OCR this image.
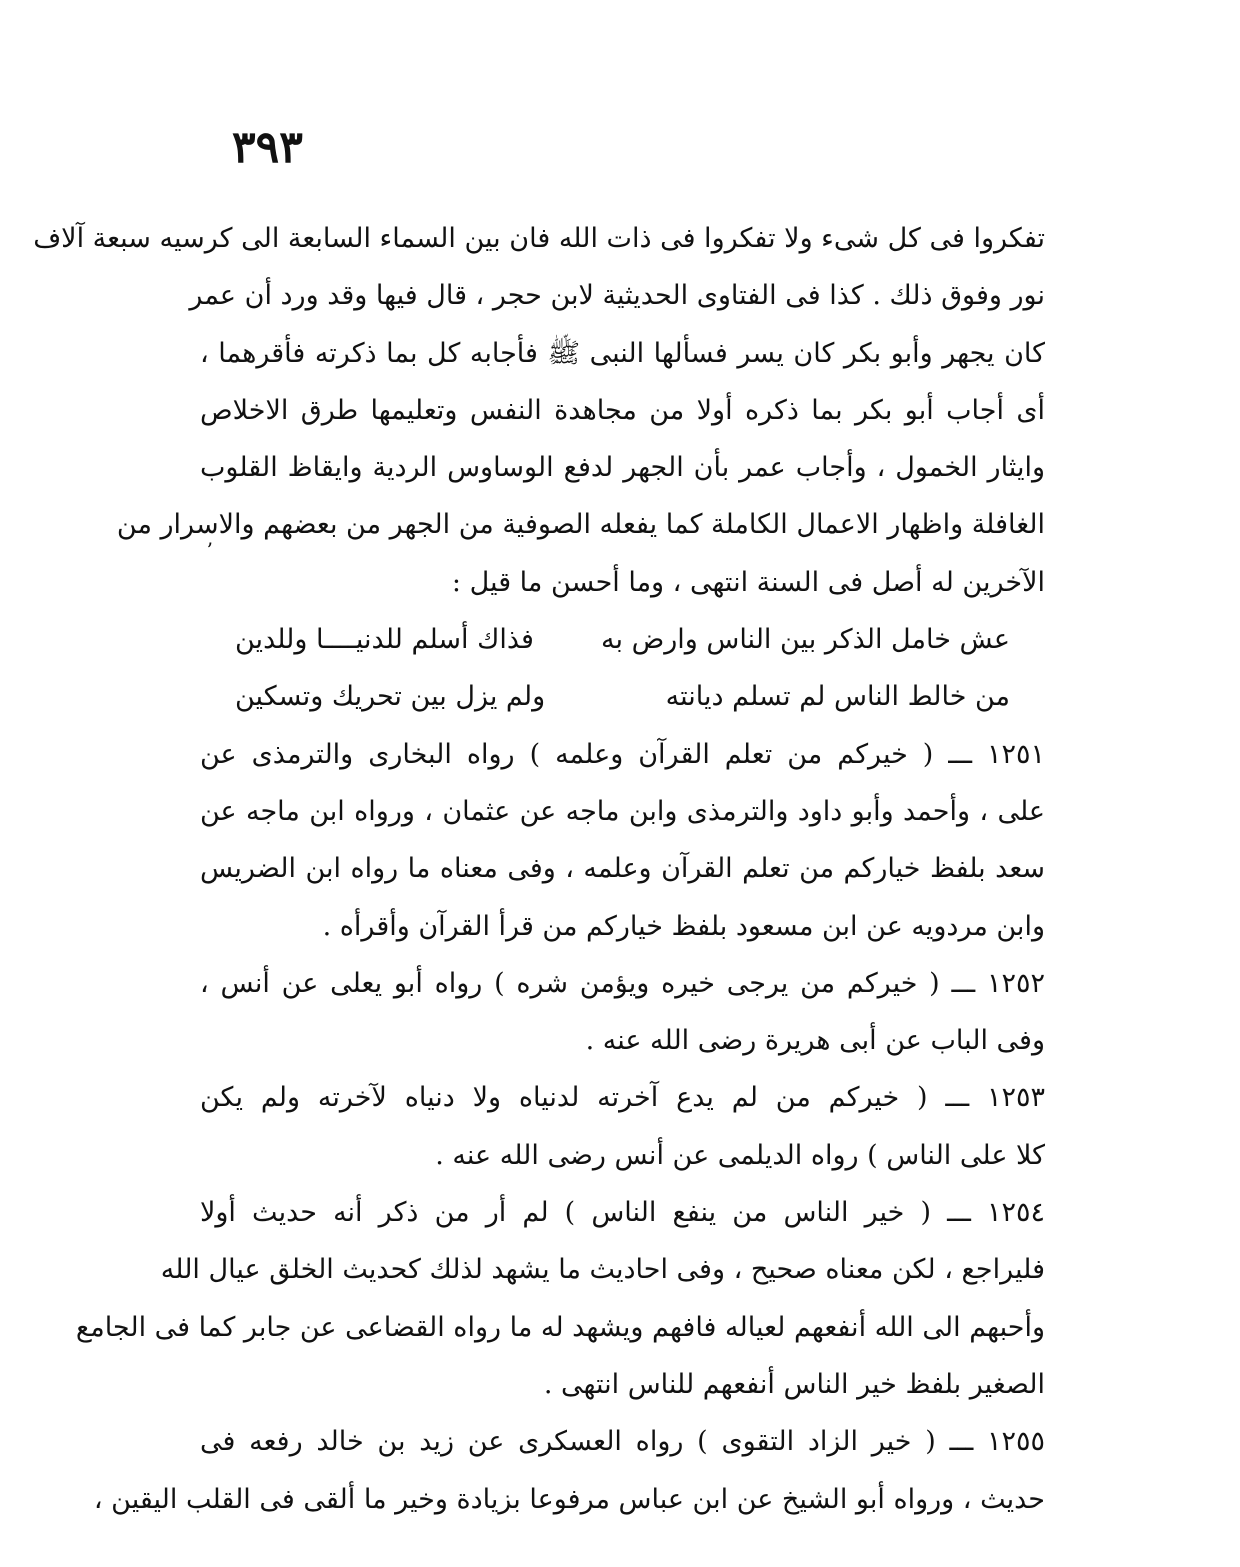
٣٩٣
تفكروا فى كل شىء ولا تفكروا فى ذات الله فان بين السماء السابعة الى كرسيه سبعة آلاف
نور وفوق ذلك . كذا فى الفتاوى الحديثية لابن حجر ، قال فيها وقد ورد أن عمر
كان يجهر وأبو بكر كان يسر فسألها النبى ﷺ فأجابه كل بما ذكرته فأقرهما ،
أى أجاب أبو بكر بما ذكره أولا من مجاهدة النفس وتعليمها طرق الاخلاص
وايثار الخمول ، وأجاب عمر بأن الجهر لدفع الوساوس الردية وايقاظ القلوب
الغافلة واظهار الاعمال الكاملة كما يفعله الصوفية من الجهر من بعضهم والاسرار من
الآخرين له أصل فى السنة انتهى ، وما أحسن ما قيل :
عش خامل الذكر بين الناس وارض به
فذاك أسلم للدنيــــا وللدين
من خالط الناس لم تسلم ديانته
ولم يزل بين تحريك وتسكين
١٢٥١ ـــ ( خيركم من تعلم القرآن وعلمه ) رواه البخارى والترمذى عن
على ، وأحمد وأبو داود والترمذى وابن ماجه عن عثمان ، ورواه ابن ماجه عن
سعد بلفظ خياركم من تعلم القرآن وعلمه ، وفى معناه ما رواه ابن الضريس
وابن مردويه عن ابن مسعود بلفظ خياركم من قرأ القرآن وأقرأه .
١٢٥٢ ـــ ( خيركم من يرجى خيره ويؤمن شره ) رواه أبو يعلى عن أنس ،
وفى الباب عن أبى هريرة رضى الله عنه .
١٢٥٣ ـــ ( خيركم من لم يدع آخرته لدنياه ولا دنياه لآخرته ولم يكن
كلا على الناس ) رواه الديلمى عن أنس رضى الله عنه .
١٢٥٤ ـــ ( خير الناس من ينفع الناس ) لم أر من ذكر أنه حديث أولا
فليراجع ، لكن معناه صحيح ، وفى احاديث ما يشهد لذلك كحديث الخلق عيال الله
وأحبهم الى الله أنفعهم لعياله فافهم ويشهد له ما رواه القضاعى عن جابر كما فى الجامع
الصغير بلفظ خير الناس أنفعهم للناس انتهى .
١٢٥٥ ـــ ( خير الزاد التقوى ) رواه العسكرى عن زيد بن خالد رفعه فى
حديث ، ورواه أبو الشيخ عن ابن عباس مرفوعا بزيادة وخير ما ألقى فى القلب اليقين ،
ʼ
